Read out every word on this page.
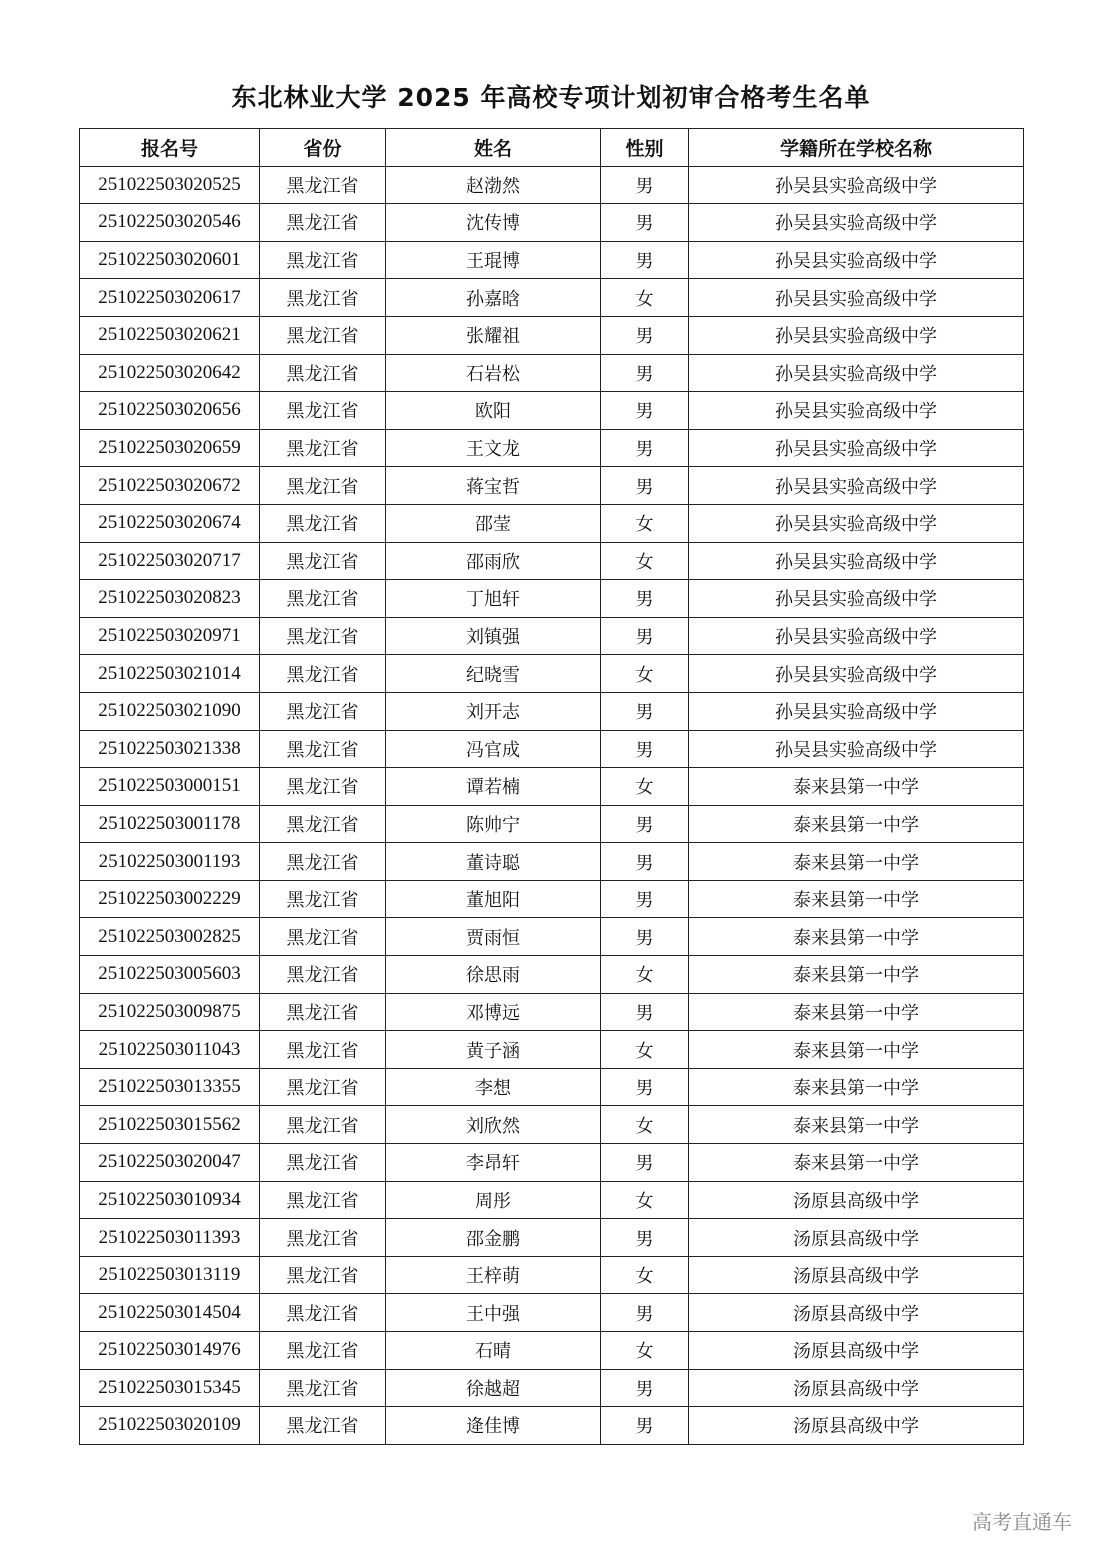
东北林业大学 2025 年高校专项计划初审合格考生名单
报名号	省份	姓名	性别	学籍所在学校名称
251022503020525	黑龙江省	赵渤然	男	孙吴县实验高级中学
251022503020546	黑龙江省	沈传博	男	孙吴县实验高级中学
251022503020601	黑龙江省	王琨博	男	孙吴县实验高级中学
251022503020617	黑龙江省	孙嘉晗	女	孙吴县实验高级中学
251022503020621	黑龙江省	张耀祖	男	孙吴县实验高级中学
251022503020642	黑龙江省	石岩松	男	孙吴县实验高级中学
251022503020656	黑龙江省	欧阳	男	孙吴县实验高级中学
251022503020659	黑龙江省	王文龙	男	孙吴县实验高级中学
251022503020672	黑龙江省	蒋宝哲	男	孙吴县实验高级中学
251022503020674	黑龙江省	邵莹	女	孙吴县实验高级中学
251022503020717	黑龙江省	邵雨欣	女	孙吴县实验高级中学
251022503020823	黑龙江省	丁旭轩	男	孙吴县实验高级中学
251022503020971	黑龙江省	刘镇强	男	孙吴县实验高级中学
251022503021014	黑龙江省	纪晓雪	女	孙吴县实验高级中学
251022503021090	黑龙江省	刘开志	男	孙吴县实验高级中学
251022503021338	黑龙江省	冯官成	男	孙吴县实验高级中学
251022503000151	黑龙江省	谭若楠	女	泰来县第一中学
251022503001178	黑龙江省	陈帅宁	男	泰来县第一中学
251022503001193	黑龙江省	董诗聪	男	泰来县第一中学
251022503002229	黑龙江省	董旭阳	男	泰来县第一中学
251022503002825	黑龙江省	贾雨恒	男	泰来县第一中学
251022503005603	黑龙江省	徐思雨	女	泰来县第一中学
251022503009875	黑龙江省	邓博远	男	泰来县第一中学
251022503011043	黑龙江省	黄子涵	女	泰来县第一中学
251022503013355	黑龙江省	李想	男	泰来县第一中学
251022503015562	黑龙江省	刘欣然	女	泰来县第一中学
251022503020047	黑龙江省	李昂轩	男	泰来县第一中学
251022503010934	黑龙江省	周彤	女	汤原县高级中学
251022503011393	黑龙江省	邵金鹏	男	汤原县高级中学
251022503013119	黑龙江省	王梓萌	女	汤原县高级中学
251022503014504	黑龙江省	王中强	男	汤原县高级中学
251022503014976	黑龙江省	石晴	女	汤原县高级中学
251022503015345	黑龙江省	徐越超	男	汤原县高级中学
251022503020109	黑龙江省	逄佳博	男	汤原县高级中学
高考直通车
